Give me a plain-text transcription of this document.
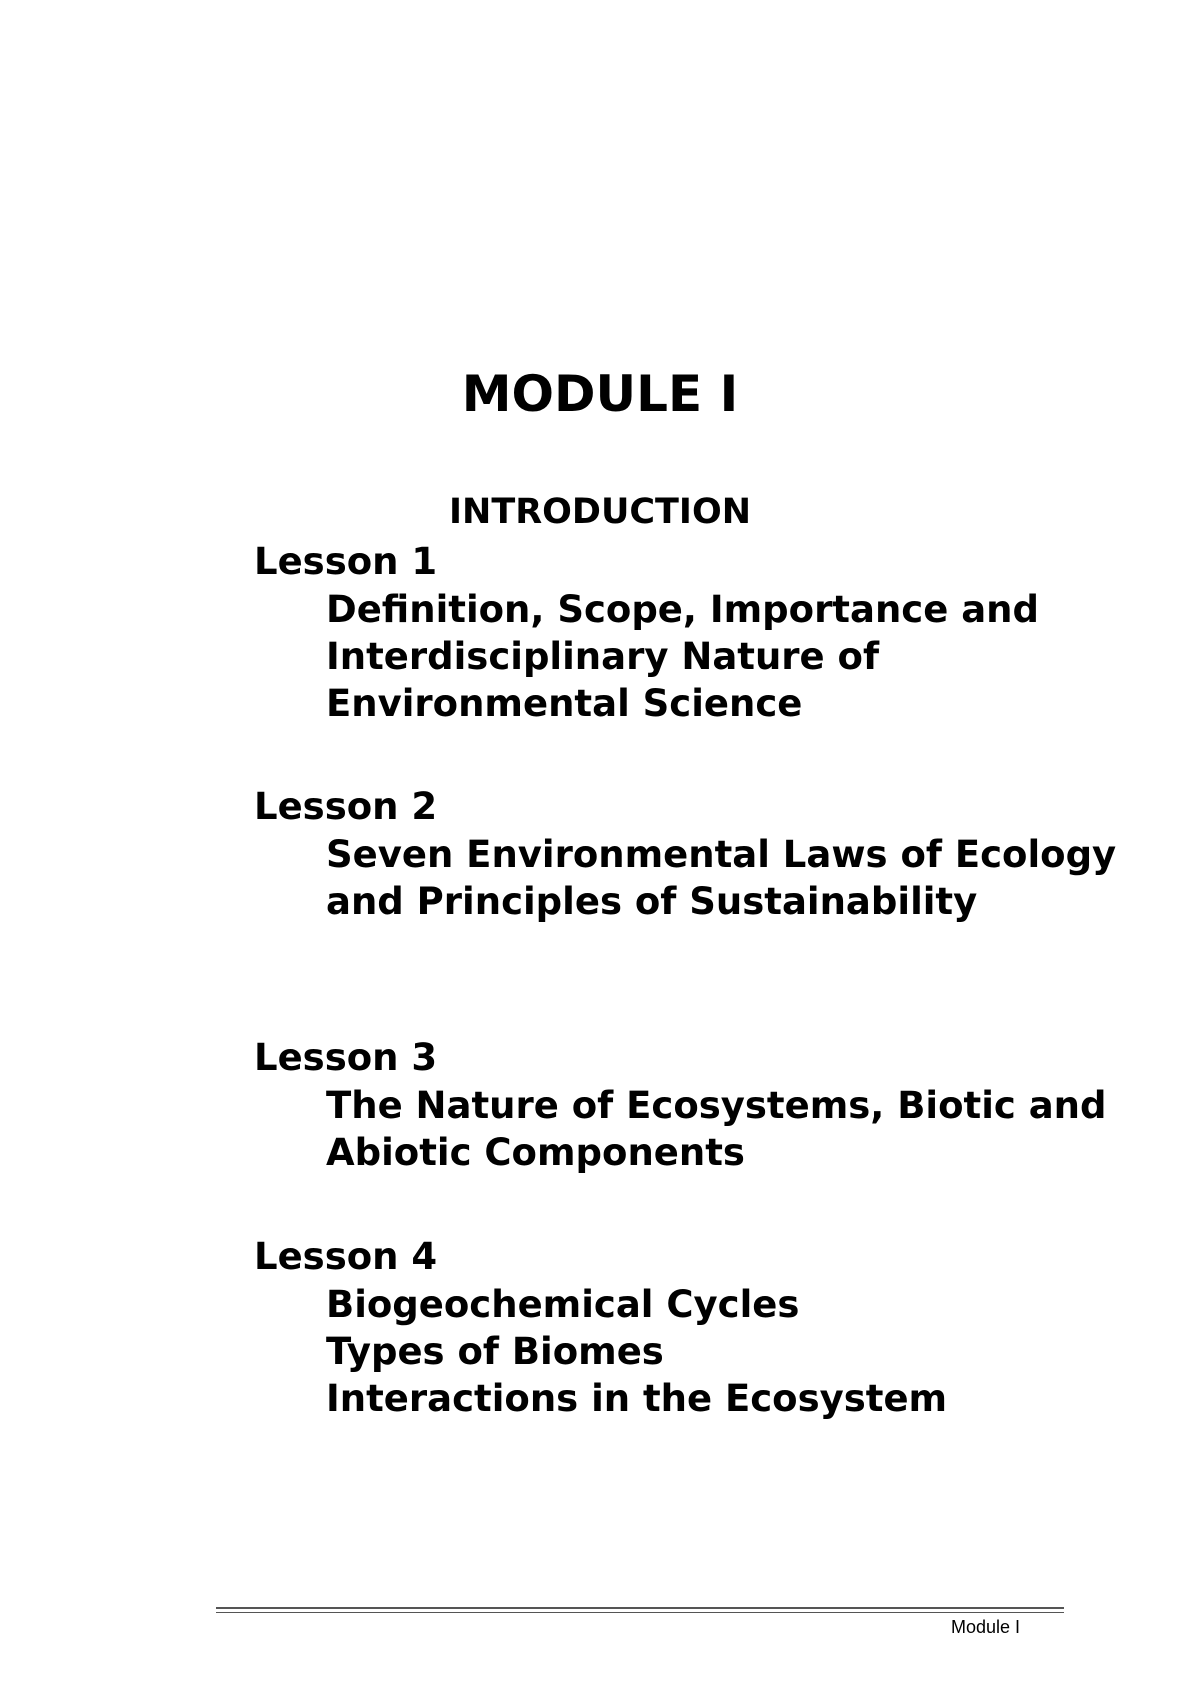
MODULE I
INTRODUCTION
Lesson 1
Definition, Scope, Importance and
Interdisciplinary Nature of
Environmental Science
Lesson 2
Seven Environmental Laws of Ecology
and Principles of Sustainability
Lesson 3
The Nature of Ecosystems, Biotic and
Abiotic Components
Lesson 4
Biogeochemical Cycles
Types of Biomes
Interactions in the Ecosystem
Module I
